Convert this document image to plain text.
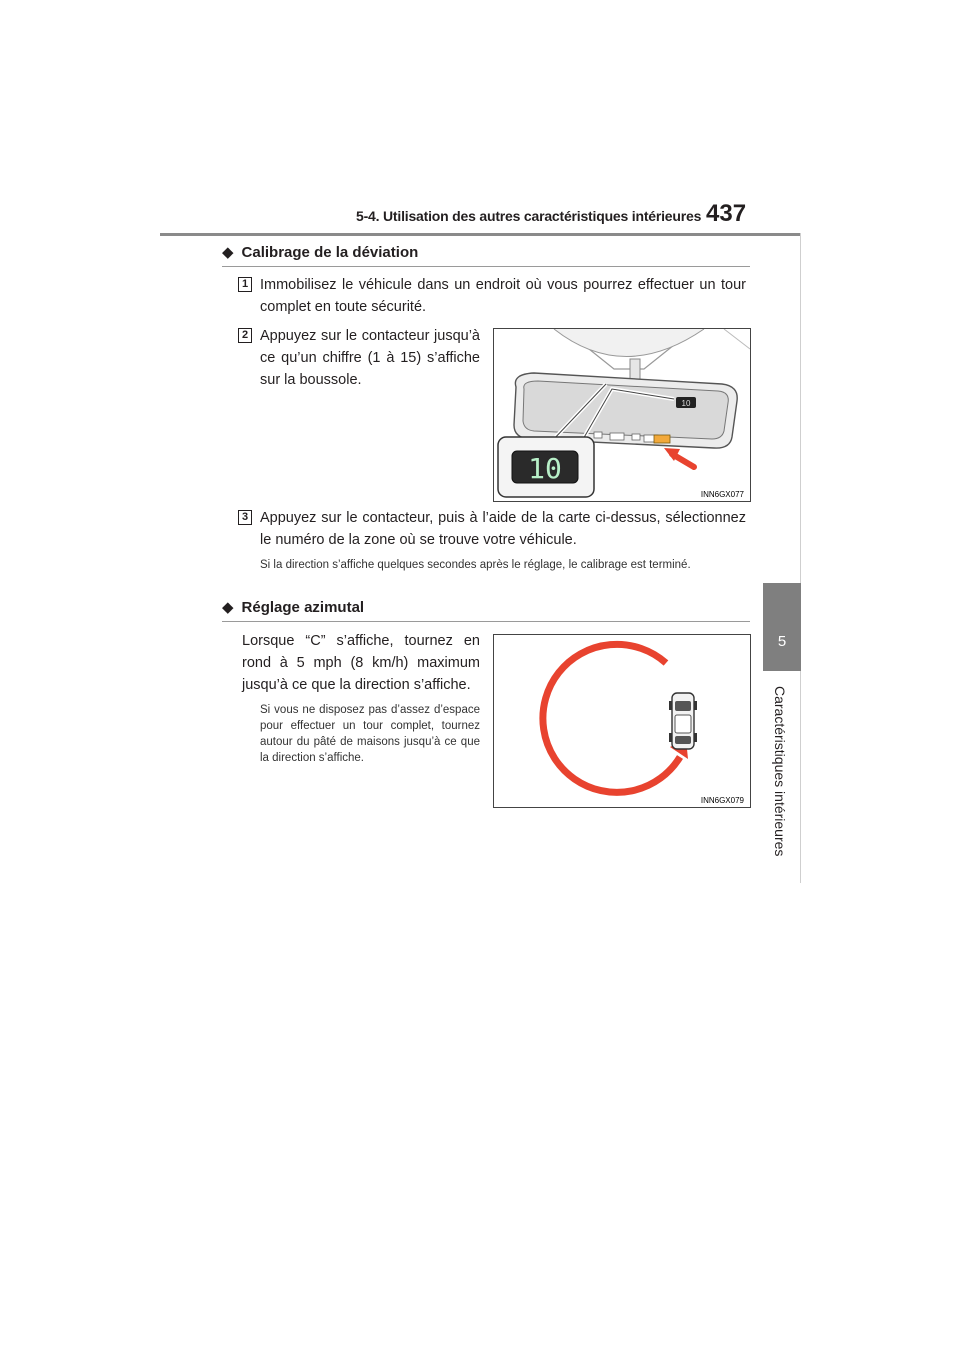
5-4. Utilisation des autres caractéristiques intérieures 437
5
Caractéristiques intérieures
◆ Calibrage de la déviation
1 Immobilisez le véhicule dans un endroit où vous pourrez effectuer un tour complet en toute sécurité.
2 Appuyez sur le contacteur jusqu’à ce qu’un chiffre (1 à 15) s’affiche sur la boussole.
10
10
INN6GX077
3 Appuyez sur le contacteur, puis à l’aide de la carte ci-dessus, sélectionnez le numéro de la zone où se trouve votre véhicule.
Si la direction s’affiche quelques secondes après le réglage, le calibrage est terminé.
◆ Réglage azimutal
Lorsque “C” s’affiche, tournez en rond à 5 mph (8 km/h) maximum jusqu’à ce que la direction s’affiche.
Si vous ne disposez pas d’assez d’espace pour effectuer un tour complet, tournez autour du pâté de maisons jusqu’à ce que la direction s’affiche.
INN6GX079
